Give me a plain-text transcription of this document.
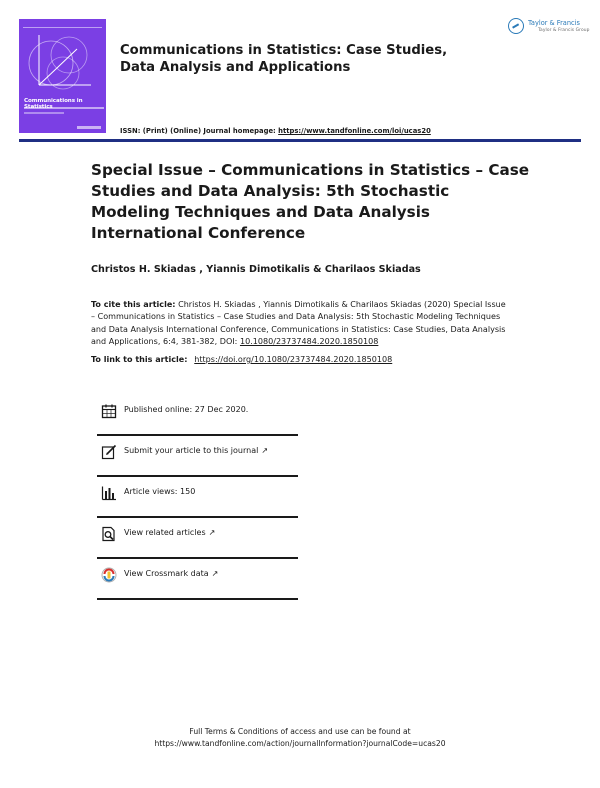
Communications in
Communications in Statistics: Case Studies, Data Analysis and Applications
Taylor & Francis
Taylor & Francis Group
ISSN: (Print) (Online) Journal homepage: https://www.tandfonline.com/loi/ucas20
Special Issue – Communications in Statistics – Case Studies and Data Analysis: 5th Stochastic Modeling Techniques and Data Analysis International Conference
Christos H. Skiadas , Yiannis Dimotikalis & Charilaos Skiadas
To cite this article: Christos H. Skiadas , Yiannis Dimotikalis & Charilaos Skiadas (2020) Special Issue – Communications in Statistics – Case Studies and Data Analysis: 5th Stochastic Modeling Techniques and Data Analysis International Conference, Communications in Statistics: Case Studies, Data Analysis and Applications, 6:4, 381-382, DOI: 10.1080/23737484.2020.1850108
To link to this article: https://doi.org/10.1080/23737484.2020.1850108
Published online: 27 Dec 2020.
Submit your article to this journal ↗
Article views: 150
View related articles ↗
View Crossmark data ↗
Full Terms & Conditions of access and use can be found at
https://www.tandfonline.com/action/journalInformation?journalCode=ucas20
